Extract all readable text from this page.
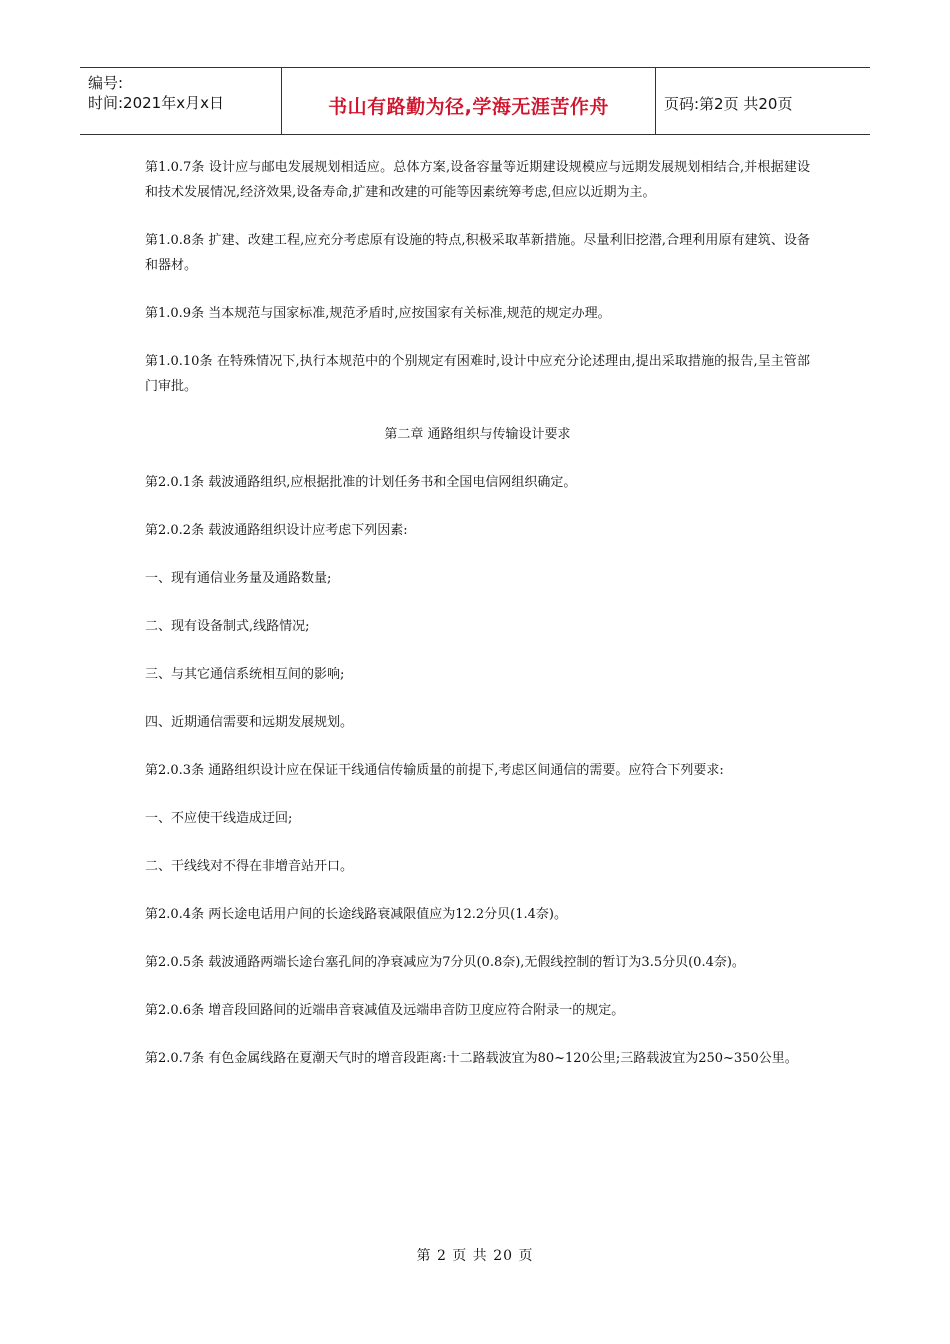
编号:
时间:2021年x月x日	书山有路勤为径,学海无涯苦作舟	页码:第2页 共20页

第1.0.7条 设计应与邮电发展规划相适应。总体方案,设备容量等近期建设规模应与远期发展规划相结合,并根据建设和技术发展情况,经济效果,设备寿命,扩建和改建的可能等因素统筹考虑,但应以近期为主。

第1.0.8条 扩建、改建工程,应充分考虑原有设施的特点,积极采取革新措施。尽量利旧挖潜,合理利用原有建筑、设备和器材。

第1.0.9条 当本规范与国家标准,规范矛盾时,应按国家有关标准,规范的规定办理。

第1.0.10条 在特殊情况下,执行本规范中的个别规定有困难时,设计中应充分论述理由,提出采取措施的报告,呈主管部门审批。

第二章 通路组织与传输设计要求

第2.0.1条 载波通路组织,应根据批准的计划任务书和全国电信网组织确定。

第2.0.2条 载波通路组织设计应考虑下列因素:

一、现有通信业务量及通路数量;

二、现有设备制式,线路情况;

三、与其它通信系统相互间的影响;

四、近期通信需要和远期发展规划。

第2.0.3条 通路组织设计应在保证干线通信传输质量的前提下,考虑区间通信的需要。应符合下列要求:

一、不应使干线造成迂回;

二、干线线对不得在非增音站开口。

第2.0.4条 两长途电话用户间的长途线路衰减限值应为12.2分贝(1.4奈)。

第2.0.5条 载波通路两端长途台塞孔间的净衰减应为7分贝(0.8奈),无假线控制的暂订为3.5分贝(0.4奈)。

第2.0.6条 增音段回路间的近端串音衰减值及远端串音防卫度应符合附录一的规定。

第2.0.7条 有色金属线路在夏潮天气时的增音段距离:十二路载波宜为80~120公里;三路载波宜为250~350公里。

第 2 页 共 20 页
